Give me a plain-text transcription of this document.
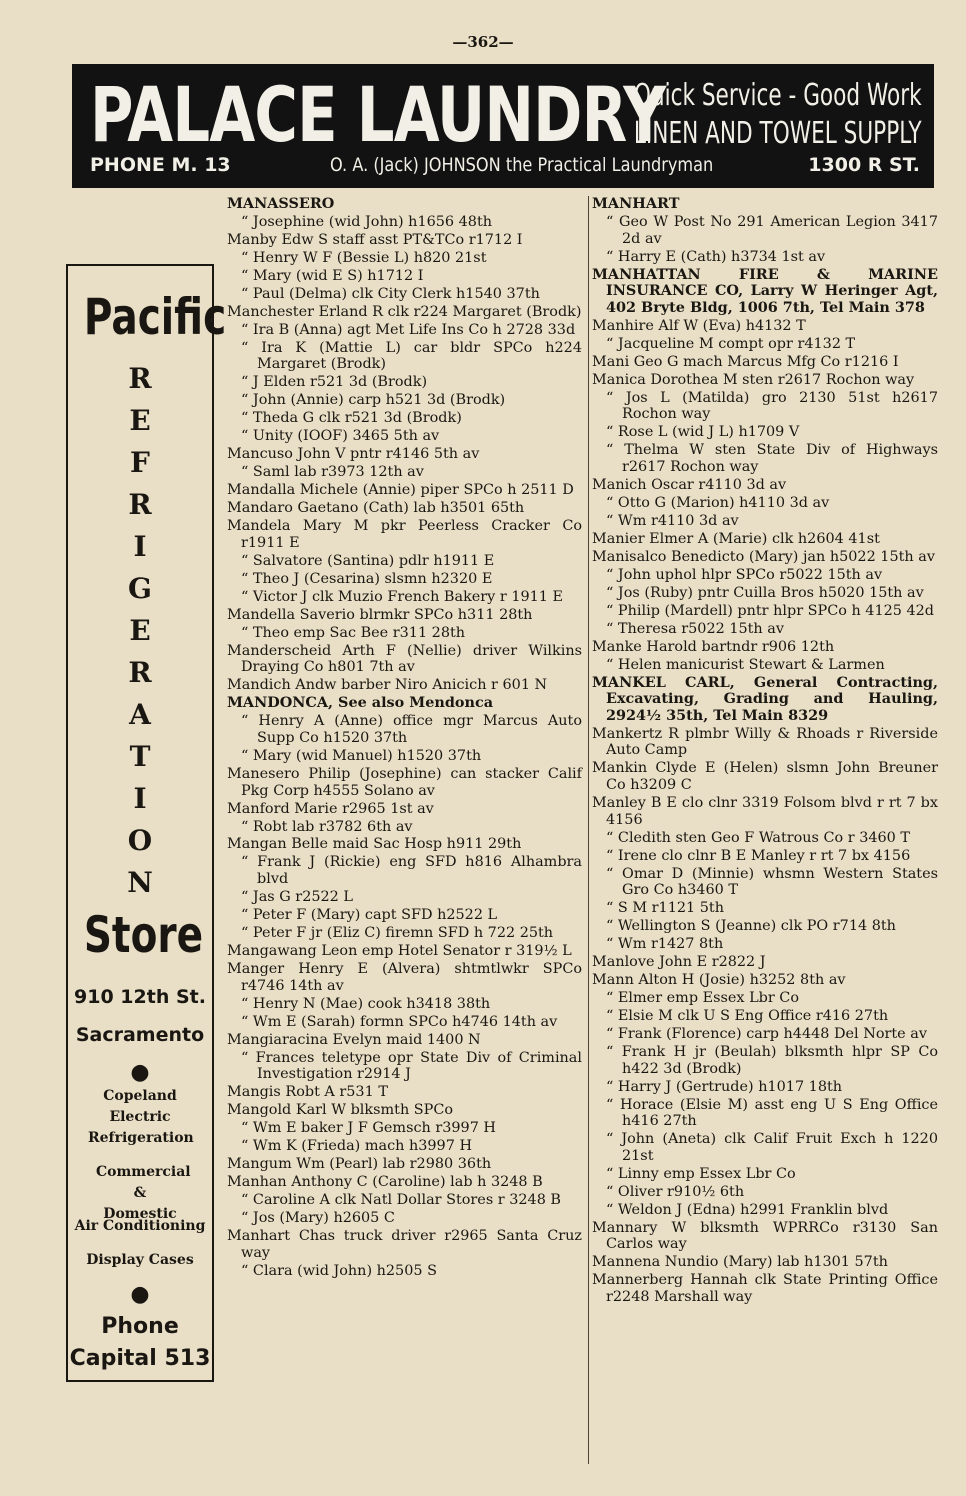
—362—
PALACE LAUNDRY
Quick Service - Good Work
LINEN AND TOWEL SUPPLY
PHONE M. 13	O. A. (Jack) JOHNSON the Practical Laundryman	1300 R ST.
Pacific
R
E
F
R
I
G
E
R
A
T
I
O
N
Store
910 12th St.
Sacramento
●
Copeland Electric Refrigeration
Commercial & Domestic
Air Conditioning
Display Cases
●
Phone
Capital 513
MANASSERO
“ Josephine (wid John) h1656 48th
Manby Edw S staff asst PT&TCo r1712 I
“ Henry W F (Bessie L) h820 21st
“ Mary (wid E S) h1712 I
“ Paul (Delma) clk City Clerk h1540 37th
Manchester Erland R clk r224 Margaret (Brodk)
“ Ira B (Anna) agt Met Life Ins Co h 2728 33d
“ Ira K (Mattie L) car bldr SPCo h224 Margaret (Brodk)
“ J Elden r521 3d (Brodk)
“ John (Annie) carp h521 3d (Brodk)
“ Theda G clk r521 3d (Brodk)
“ Unity (IOOF) 3465 5th av
Mancuso John V pntr r4146 5th av
“ Saml lab r3973 12th av
Mandalla Michele (Annie) piper SPCo h 2511 D
Mandaro Gaetano (Cath) lab h3501 65th
Mandela Mary M pkr Peerless Cracker Co r1911 E
“ Salvatore (Santina) pdlr h1911 E
“ Theo J (Cesarina) slsmn h2320 E
“ Victor J clk Muzio French Bakery r 1911 E
Mandella Saverio blrmkr SPCo h311 28th
“ Theo emp Sac Bee r311 28th
Manderscheid Arth F (Nellie) driver Wilkins Draying Co h801 7th av
Mandich Andw barber Niro Anicich r 601 N
MANDONCA, See also Mendonca
“ Henry A (Anne) office mgr Marcus Auto Supp Co h1520 37th
“ Mary (wid Manuel) h1520 37th
Manesero Philip (Josephine) can stacker Calif Pkg Corp h4555 Solano av
Manford Marie r2965 1st av
“ Robt lab r3782 6th av
Mangan Belle maid Sac Hosp h911 29th
“ Frank J (Rickie) eng SFD h816 Alhambra blvd
“ Jas G r2522 L
“ Peter F (Mary) capt SFD h2522 L
“ Peter F jr (Eliz C) firemn SFD h 722 25th
Mangawang Leon emp Hotel Senator r 319½ L
Manger Henry E (Alvera) shtmtlwkr SPCo r4746 14th av
“ Henry N (Mae) cook h3418 38th
“ Wm E (Sarah) formn SPCo h4746 14th av
Mangiaracina Evelyn maid 1400 N
“ Frances teletype opr State Div of Criminal Investigation r2914 J
Mangis Robt A r531 T
Mangold Karl W blksmth SPCo
“ Wm E baker J F Gemsch r3997 H
“ Wm K (Frieda) mach h3997 H
Mangum Wm (Pearl) lab r2980 36th
Manhan Anthony C (Caroline) lab h 3248 B
“ Caroline A clk Natl Dollar Stores r 3248 B
“ Jos (Mary) h2605 C
Manhart Chas truck driver r2965 Santa Cruz way
“ Clara (wid John) h2505 S
MANHART
“ Geo W Post No 291 American Legion 3417 2d av
“ Harry E (Cath) h3734 1st av
MANHATTAN FIRE & MARINE INSURANCE CO, Larry W Heringer Agt, 402 Bryte Bldg, 1006 7th, Tel Main 378
Manhire Alf W (Eva) h4132 T
“ Jacqueline M compt opr r4132 T
Mani Geo G mach Marcus Mfg Co r1216 I
Manica Dorothea M sten r2617 Rochon way
“ Jos L (Matilda) gro 2130 51st h2617 Rochon way
“ Rose L (wid J L) h1709 V
“ Thelma W sten State Div of Highways r2617 Rochon way
Manich Oscar r4110 3d av
“ Otto G (Marion) h4110 3d av
“ Wm r4110 3d av
Manier Elmer A (Marie) clk h2604 41st
Manisalco Benedicto (Mary) jan h5022 15th av
“ John uphol hlpr SPCo r5022 15th av
“ Jos (Ruby) pntr Cuilla Bros h5020 15th av
“ Philip (Mardell) pntr hlpr SPCo h 4125 42d
“ Theresa r5022 15th av
Manke Harold bartndr r906 12th
“ Helen manicurist Stewart & Larmen
MANKEL CARL, General Contracting, Excavating, Grading and Hauling, 2924½ 35th, Tel Main 8329
Mankertz R plmbr Willy & Rhoads r Riverside Auto Camp
Mankin Clyde E (Helen) slsmn John Breuner Co h3209 C
Manley B E clo clnr 3319 Folsom blvd r rt 7 bx 4156
“ Cledith sten Geo F Watrous Co r 3460 T
“ Irene clo clnr B E Manley r rt 7 bx 4156
“ Omar D (Minnie) whsmn Western States Gro Co h3460 T
“ S M r1121 5th
“ Wellington S (Jeanne) clk PO r714 8th
“ Wm r1427 8th
Manlove John E r2822 J
Mann Alton H (Josie) h3252 8th av
“ Elmer emp Essex Lbr Co
“ Elsie M clk U S Eng Office r416 27th
“ Frank (Florence) carp h4448 Del Norte av
“ Frank H jr (Beulah) blksmth hlpr SP Co h422 3d (Brodk)
“ Harry J (Gertrude) h1017 18th
“ Horace (Elsie M) asst eng U S Eng Office h416 27th
“ John (Aneta) clk Calif Fruit Exch h 1220 21st
“ Linny emp Essex Lbr Co
“ Oliver r910½ 6th
“ Weldon J (Edna) h2991 Franklin blvd
Mannary W blksmth WPRRCo r3130 San Carlos way
Mannena Nundio (Mary) lab h1301 57th
Mannerberg Hannah clk State Printing Office r2248 Marshall way
